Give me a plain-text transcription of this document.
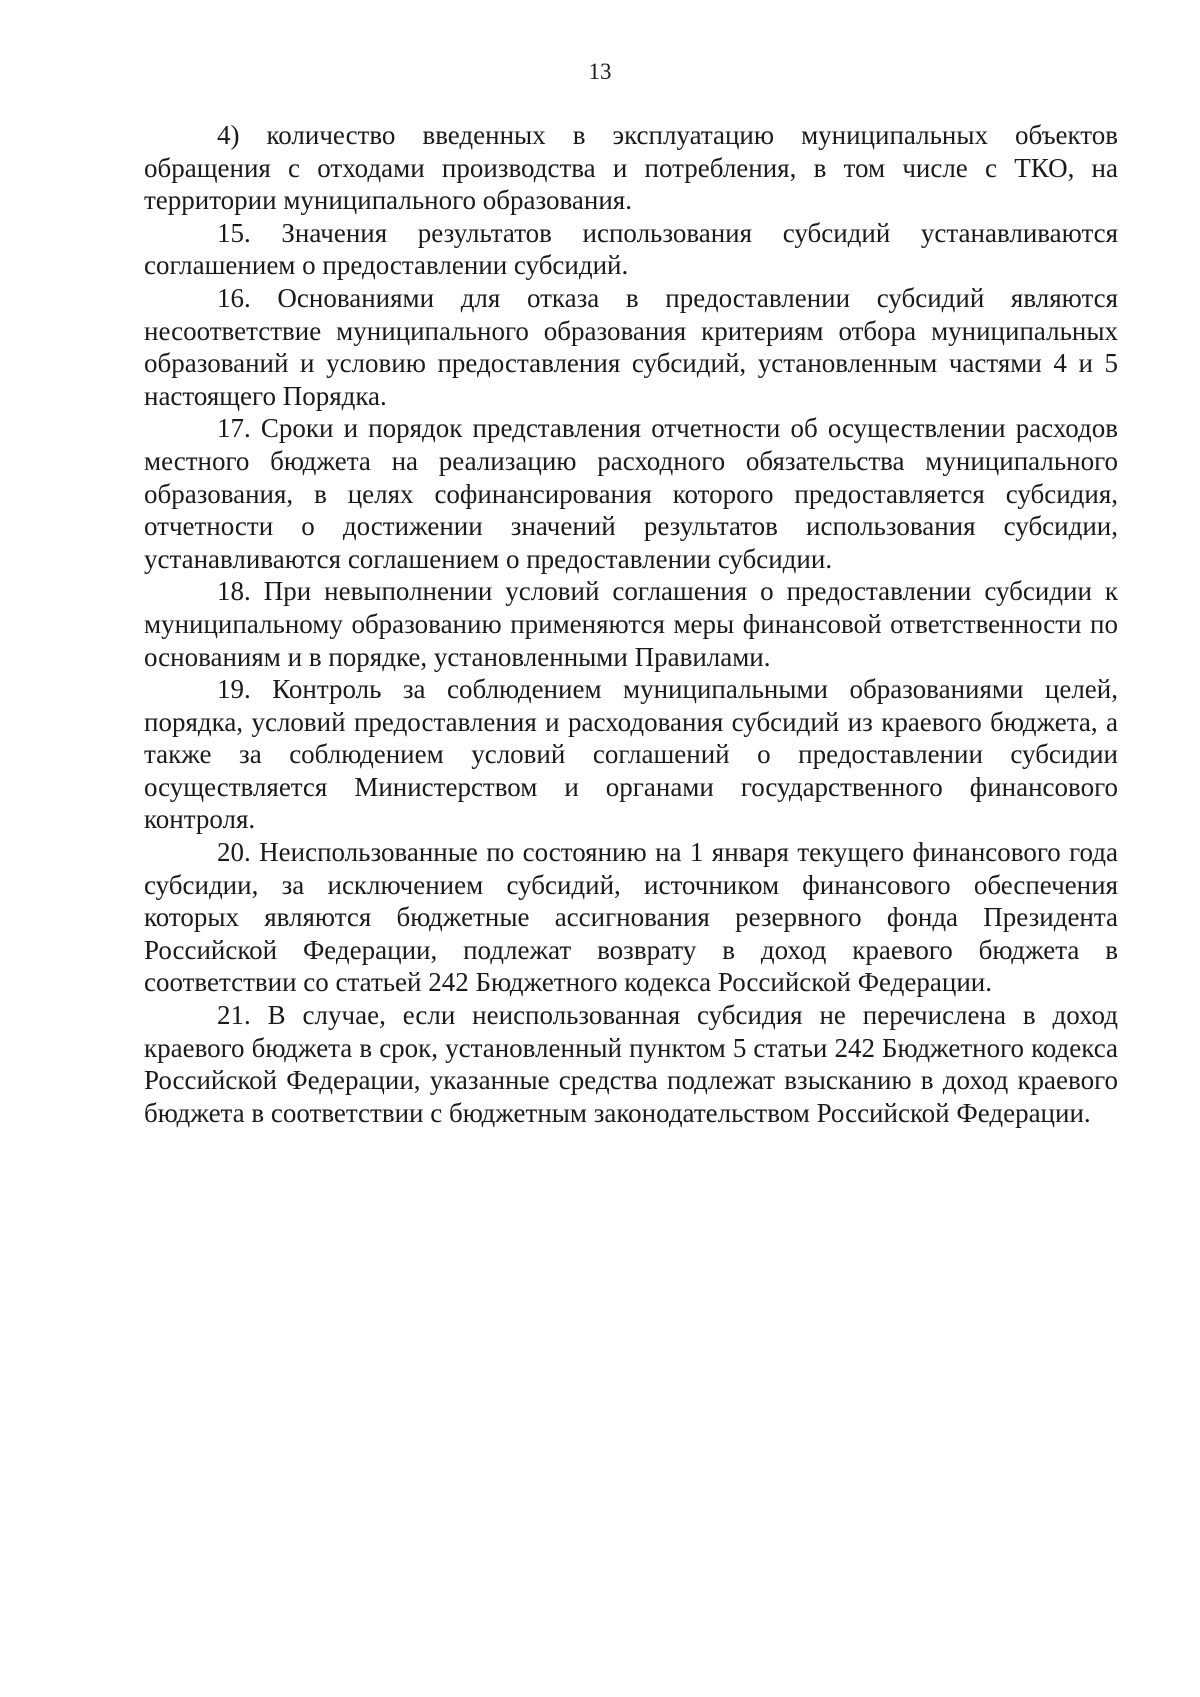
13

4) количество введенных в эксплуатацию муниципальных объектов обращения с отходами производства и потребления, в том числе с ТКО, на территории муниципального образования.

15. Значения результатов использования субсидий устанавливаются соглашением о предоставлении субсидий.

16. Основаниями для отказа в предоставлении субсидий являются несоответствие муниципального образования критериям отбора муниципальных образований и условию предоставления субсидий, установленным частями 4 и 5 настоящего Порядка.

17. Сроки и порядок представления отчетности об осуществлении расходов местного бюджета на реализацию расходного обязательства муниципального образования, в целях софинансирования которого предоставляется субсидия, отчетности о достижении значений результатов использования субсидии, устанавливаются соглашением о предоставлении субсидии.

18. При невыполнении условий соглашения о предоставлении субсидии к муниципальному образованию применяются меры финансовой ответственности по основаниям и в порядке, установленными Правилами.

19. Контроль за соблюдением муниципальными образованиями целей, порядка, условий предоставления и расходования субсидий из краевого бюджета, а также за соблюдением условий соглашений о предоставлении субсидии осуществляется Министерством и органами государственного финансового контроля.

20. Неиспользованные по состоянию на 1 января текущего финансового года субсидии, за исключением субсидий, источником финансового обеспечения которых являются бюджетные ассигнования резервного фонда Президента Российской Федерации, подлежат возврату в доход краевого бюджета в соответствии со статьей 242 Бюджетного кодекса Российской Федерации.

21. В случае, если неиспользованная субсидия не перечислена в доход краевого бюджета в срок, установленный пунктом 5 статьи 242 Бюджетного кодекса Российской Федерации, указанные средства подлежат взысканию в доход краевого бюджета в соответствии с бюджетным законодательством Российской Федерации.
